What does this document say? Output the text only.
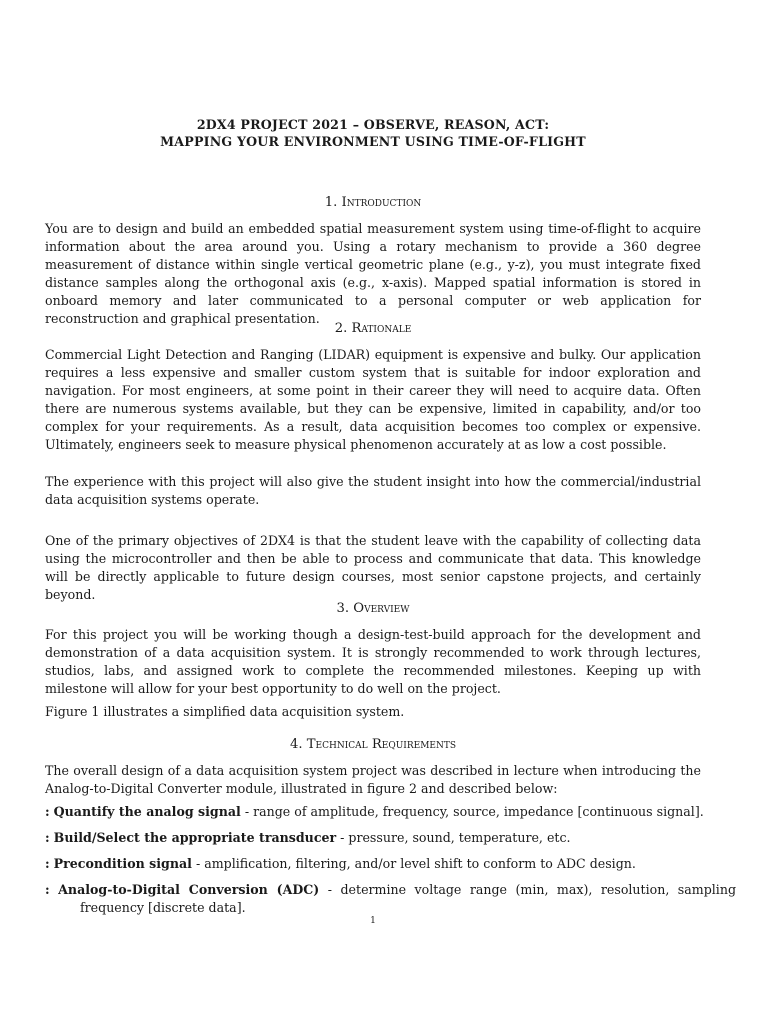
2DX4 PROJECT 2021 – OBSERVE, REASON, ACT:
MAPPING YOUR ENVIRONMENT USING TIME-OF-FLIGHT
1. Introduction

You are to design and build an embedded spatial measurement system using time-of-flight to acquire information about the area around you. Using a rotary mechanism to provide a 360 degree measurement of distance within single vertical geometric plane (e.g., y-z), you must integrate fixed distance samples along the orthogonal axis (e.g., x-axis). Mapped spatial information is stored in onboard memory and later communicated to a personal computer or web application for reconstruction and graphical presentation.

2. Rationale

Commercial Light Detection and Ranging (LIDAR) equipment is expensive and bulky. Our application requires a less expensive and smaller custom system that is suitable for indoor exploration and navigation. For most engineers, at some point in their career they will need to acquire data. Often there are numerous systems available, but they can be expensive, limited in capability, and/or too complex for your requirements. As a result, data acquisition becomes too complex or expensive. Ultimately, engineers seek to measure physical phenomenon accurately at as low a cost possible.

The experience with this project will also give the student insight into how the commercial/industrial data acquisition systems operate.

One of the primary objectives of 2DX4 is that the student leave with the capability of collecting data using the microcontroller and then be able to process and communicate that data. This knowledge will be directly applicable to future design courses, most senior capstone projects, and certainly beyond.

3. Overview

For this project you will be working though a design-test-build approach for the development and demonstration of a data acquisition system. It is strongly recommended to work through lectures, studios, labs, and assigned work to complete the recommended milestones. Keeping up with milestone will allow for your best opportunity to do well on the project.

Figure 1 illustrates a simplified data acquisition system.

4. Technical Requirements

The overall design of a data acquisition system project was described in lecture when introducing the Analog-to-Digital Converter module, illustrated in figure 2 and described below:

: Quantify the analog signal - range of amplitude, frequency, source, impedance [continuous signal].

: Build/Select the appropriate transducer - pressure, sound, temperature, etc.

: Precondition signal - amplification, filtering, and/or level shift to conform to ADC design.

: Analog-to-Digital Conversion (ADC) - determine voltage range (min, max), resolution, sampling frequency [discrete data].

1
